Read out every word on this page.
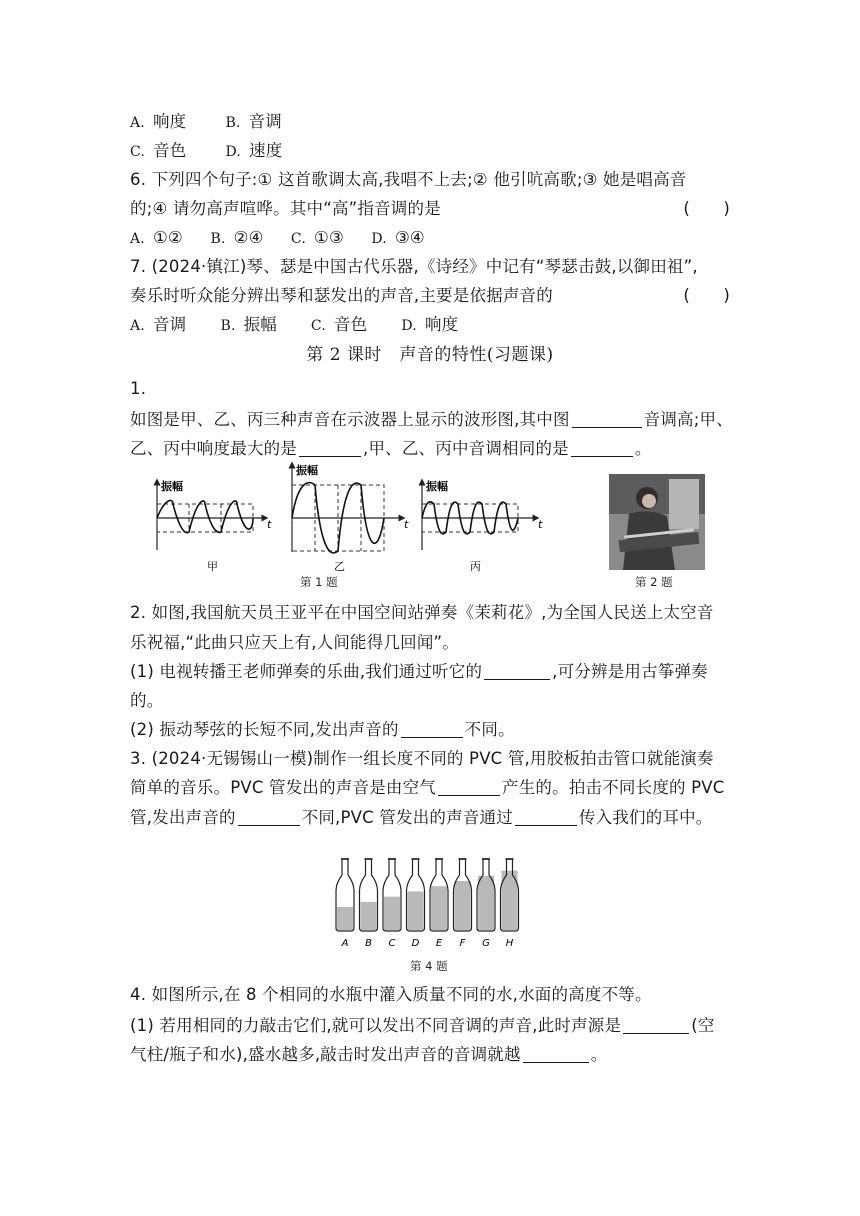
A. 响度	B. 音调
C. 音色	D. 速度
6. 下列四个句子:① 这首歌调太高,我唱不上去;② 他引吭高歌;③ 她是唱高音
的;④ 请勿高声喧哗。其中“高”指音调的是	(　　)
A. ①② B. ②④ C. ①③ D. ③④
7. (2024·镇江)琴、瑟是中国古代乐器,《诗经》中记有“琴瑟击鼓,以御田祖”,
奏乐时听众能分辨出琴和瑟发出的声音,主要是依据声音的	(　　)
A. 音调 B. 振幅 C. 音色 D. 响度
第 2 课时　声音的特性(习题课)
1.
如图是甲、乙、丙三种声音在示波器上显示的波形图,其中图	音调高;甲、
乙、丙中响度最大的是	,甲、乙、丙中音调相同的是	。
振幅
t
甲
振幅
t
乙
振幅
t
丙
第 1 题	第 2 题
2. 如图,我国航天员王亚平在中国空间站弹奏《茉莉花》,为全国人民送上太空音
乐祝福,“此曲只应天上有,人间能得几回闻”。
(1) 电视转播王老师弹奏的乐曲,我们通过听它的	,可分辨是用古筝弹奏
的。
(2) 振动琴弦的长短不同,发出声音的	不同。
3. (2024·无锡锡山一模)制作一组长度不同的 PVC 管,用胶板拍击管口就能演奏
简单的音乐。PVC 管发出的声音是由空气	产生的。拍击不同长度的 PVC
管,发出声音的	不同,PVC 管发出的声音通过	传入我们的耳中。
A B C D E F G H
第 4 题
4. 如图所示,在 8 个相同的水瓶中灌入质量不同的水,水面的高度不等。
(1) 若用相同的力敲击它们,就可以发出不同音调的声音,此时声源是	(空
气柱/瓶子和水),盛水越多,敲击时发出声音的音调就越	。
